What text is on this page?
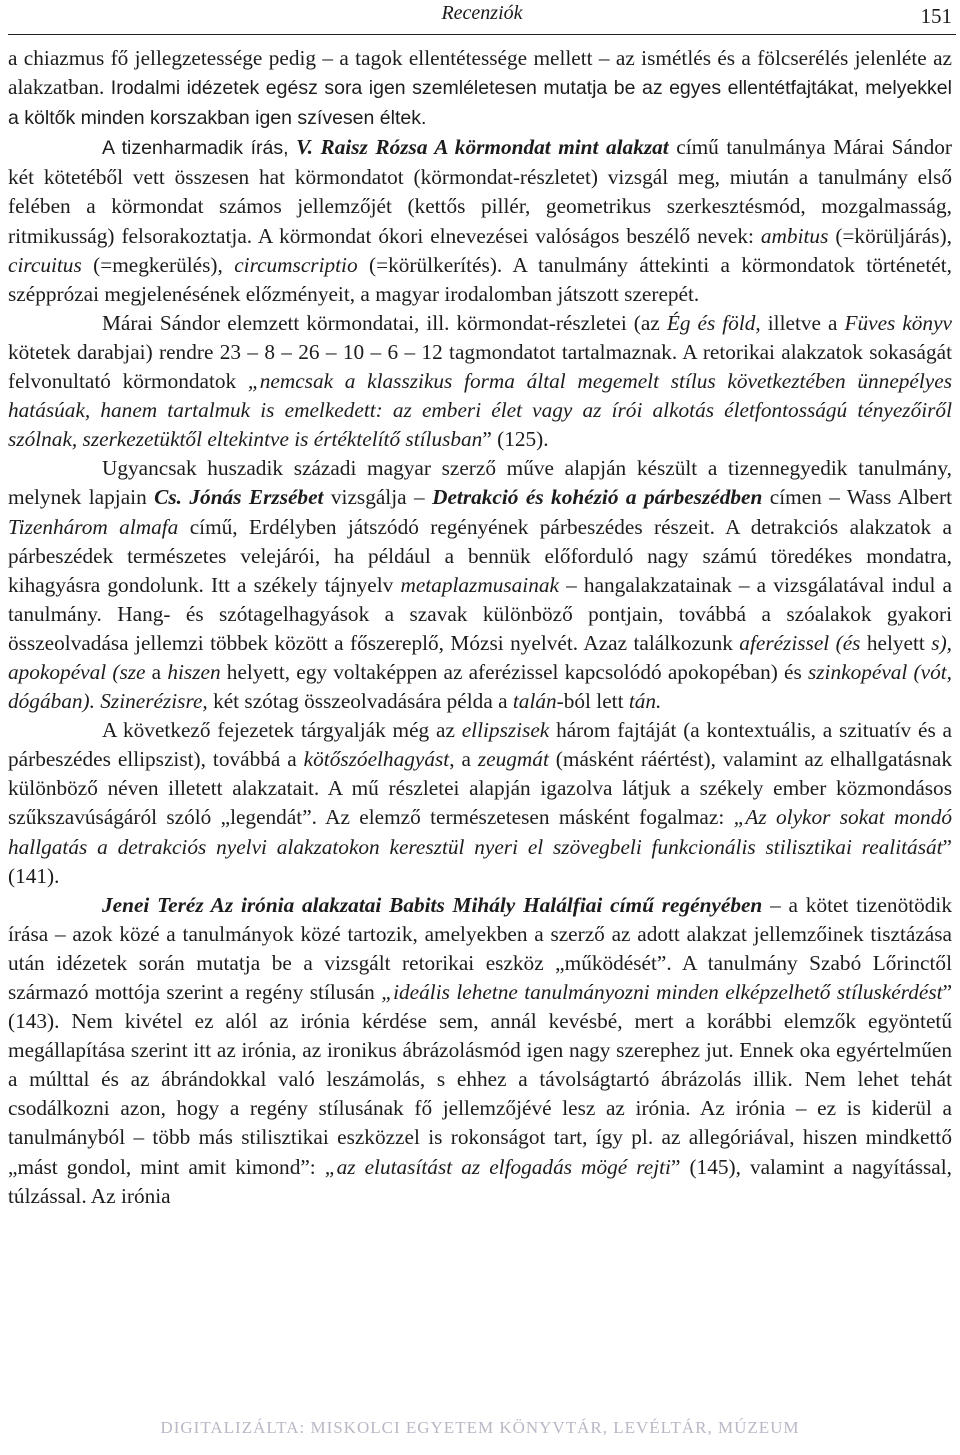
Recenziók	151

a chiazmus fő jellegzetessége pedig – a tagok ellentétessége mellett – az ismétlés és a fölcserélés jelenléte az alakzatban. Irodalmi idézetek egész sora igen szemléletesen mutatja be az egyes ellentétfajtákat, melyekkel a költők minden korszakban igen szívesen éltek.

A tizenharmadik írás, V. Raisz Rózsa A körmondat mint alakzat című tanulmánya Márai Sándor két kötetéből vett összesen hat körmondatot (körmondat-részletet) vizsgál meg, miután a tanulmány első felében a körmondat számos jellemzőjét (kettős pillér, geometrikus szerkesztésmód, mozgalmasság, ritmikusság) felsorakoztatja. A körmondat ókori elnevezései valóságos beszélő nevek: ambitus (=körüljárás), circuitus (=megkerülés), circumscriptio (=körülkerítés). A tanulmány áttekinti a körmondatok történetét, szépprózai megjelenésének előzményeit, a magyar irodalomban játszott szerepét.

Márai Sándor elemzett körmondatai, ill. körmondat-részletei (az Ég és föld, illetve a Füves könyv kötetek darabjai) rendre 23 – 8 – 26 – 10 – 6 – 12 tagmondatot tartalmaznak. A retorikai alakzatok sokaságát felvonultató körmondatok „nemcsak a klasszikus forma által megemelt stílus következtében ünnepélyes hatásúak, hanem tartalmuk is emelkedett: az emberi élet vagy az írói alkotás életfontosságú tényezőiről szólnak, szerkezetüktől eltekintve is értéktelítő stílusban” (125).

Ugyancsak huszadik századi magyar szerző műve alapján készült a tizennegyedik tanulmány, melynek lapjain Cs. Jónás Erzsébet vizsgálja – Detrakció és kohézió a párbeszédben címen – Wass Albert Tizenhárom almafa című, Erdélyben játszódó regényének párbeszédes részeit. A detrakciós alakzatok a párbeszédek természetes velejárói, ha például a bennük előforduló nagy számú töredékes mondatra, kihagyásra gondolunk. Itt a székely tájnyelv metaplazmusainak – hangalakzatainak – a vizsgálatával indul a tanulmány. Hang- és szótagelhagyások a szavak különböző pontjain, továbbá a szóalakok gyakori összeolvadása jellemzi többek között a főszereplő, Mózsi nyelvét. Azaz találkozunk aferézissel (és helyett s), apokopéval (sze a hiszen helyett, egy voltaképpen az aferézissel kapcsolódó apokopéban) és szinkopéval (vót, dógában). Szinerézisre, két szótag összeolvadására példa a talán-ból lett tán.

A következő fejezetek tárgyalják még az ellipszisek három fajtáját (a kontextuális, a szituatív és a párbeszédes ellipszist), továbbá a kötőszóelhagyást, a zeugmát (másként ráértést), valamint az elhallgatásnak különböző néven illetett alakzatait. A mű részletei alapján igazolva látjuk a székely ember közmondásos szűkszavúságáról szóló „legendát”. Az elemző természetesen másként fogalmaz: „Az olykor sokat mondó hallgatás a detrakciós nyelvi alakzatokon keresztül nyeri el szövegbeli funkcionális stilisztikai realitását” (141).

Jenei Teréz Az irónia alakzatai Babits Mihály Halálfiai című regényében – a kötet tizenötödik írása – azok közé a tanulmányok közé tartozik, amelyekben a szerző az adott alakzat jellemzőinek tisztázása után idézetek során mutatja be a vizsgált retorikai eszköz „működését”. A tanulmány Szabó Lőrinctől származó mottója szerint a regény stílusán „ideális lehetne tanulmányozni minden elképzelhető stíluskérdést” (143). Nem kivétel ez alól az irónia kérdése sem, annál kevésbé, mert a korábbi elemzők egyöntetű megállapítása szerint itt az irónia, az ironikus ábrázolásmód igen nagy szerephez jut. Ennek oka egyértelműen a múlttal és az ábrándokkal való leszámolás, s ehhez a távolságtartó ábrázolás illik. Nem lehet tehát csodálkozni azon, hogy a regény stílusának fő jellemzőjévé lesz az irónia. Az irónia – ez is kiderül a tanulmányból – több más stilisztikai eszközzel is rokonságot tart, így pl. az allegóriával, hiszen mindkettő „mást gondol, mint amit kimond”: „az elutasítást az elfogadás mögé rejti” (145), valamint a nagyítással, túlzással. Az irónia

DIGITALIZÁLTA: MISKOLCI EGYETEM KÖNYVTÁR, LEVÉLTÁR, MÚZEUM
